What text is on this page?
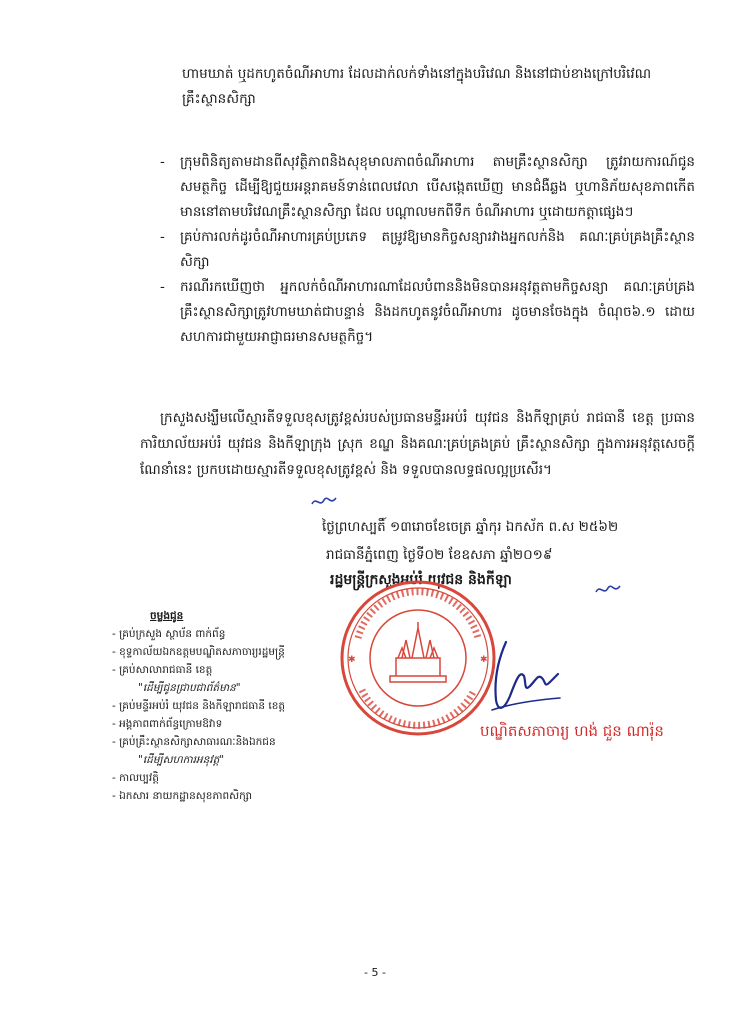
ហាមឃាត់ ឬដកហូតចំណីអាហារ ដែលដាក់លក់ទាំងនៅក្នុងបរិវេណ និងនៅជាប់ខាងក្រៅបរិវេណគ្រឹះស្ថានសិក្សា
-	ក្រុមពិនិត្យតាមដានពីសុវត្ថិភាពនិងសុខុមាលភាពចំណីអាហារ តាមគ្រឹះស្ថានសិក្សា ត្រូវរាយការណ៍ជូនសមត្ថកិច្ច ដើម្បីឱ្យជួយអន្តរាគមន៍ទាន់ពេលវេលា បើសង្កេតឃើញ មានជំងឺឆ្លង ឬហានិភ័យសុខភាពកើតមាននៅតាមបរិវេណគ្រឹះស្ថានសិក្សា ដែល បណ្តាលមកពីទឹក ចំណីអាហារ ឬដោយកត្តាផ្សេងៗ
-	គ្រប់ការលក់ដូរចំណីអាហារគ្រប់ប្រភេទ តម្រូវឱ្យមានកិច្ចសន្យារវាងអ្នកលក់និង គណៈគ្រប់គ្រងគ្រឹះស្ថានសិក្សា
-	ករណីរកឃើញថា អ្នកលក់ចំណីអាហារណាដែលបំពាននិងមិនបានអនុវត្តតាមកិច្ចសន្យា គណៈគ្រប់គ្រងគ្រឹះស្ថានសិក្សាត្រូវហាមឃាត់ជាបន្ទាន់ និងដកហូតនូវចំណីអាហារ ដូចមានចែងក្នុង ចំណុច៦.១ ដោយសហការជាមួយអាជ្ញាធរមានសមត្ថកិច្ច។
ក្រសួងសង្ឃឹមលើស្មារតីទទួលខុសត្រូវខ្ពស់របស់ប្រធានមន្ទីរអប់រំ យុវជន និងកីឡាគ្រប់ រាជធានី ខេត្ត ប្រធានការិយាល័យអប់រំ យុវជន និងកីឡាក្រុង ស្រុក ខណ្ឌ និងគណៈគ្រប់គ្រងគ្រប់ គ្រឹះស្ថានសិក្សា ក្នុងការអនុវត្តសេចក្តីណែនាំនេះ ប្រកបដោយស្មារតីទទួលខុសត្រូវខ្ពស់ និង ទទួលបានលទ្ធផលល្អប្រសើរ។
ថ្ងៃព្រហស្បតិ៍ ១៣រោចខែចេត្រ ឆ្នាំកុរ ឯកស័ក ព.ស ២៥៦២
រាជធានីភ្នំពេញ ថ្ងៃទី០២ ខែឧសភា ឆ្នាំ២០១៩
រដ្ឋមន្ត្រីក្រសួងអប់រំ យុវជន និងកីឡា
✱	✱
បណ្ឌិតសភាចារ្យ ហង់ ជួន ណារ៉ុន
ចម្លងជូន
- គ្រប់ក្រសួង ស្ថាប័ន ពាក់ព័ន្ធ
- ខុទ្ទកាល័យឯកឧត្តមបណ្ឌិតសភាចារ្យរដ្ឋមន្ត្រី
- គ្រប់សាលារាជធានី ខេត្ត
"ដើម្បីជូនជ្រាបជាព័ត៌មាន"
- គ្រប់មន្ទីរអប់រំ យុវជន និងកីឡារាជធានី ខេត្ត
- អង្គភាពពាក់ព័ន្ធក្រោមឱវាទ
- គ្រប់គ្រឹះស្ថានសិក្សាសាធារណៈនិងឯកជន
"ដើម្បីសហការអនុវត្ត"
- កាលប្បវត្តិ
- ឯកសារ នាយកដ្ឋានសុខភាពសិក្សា
- 5 -
